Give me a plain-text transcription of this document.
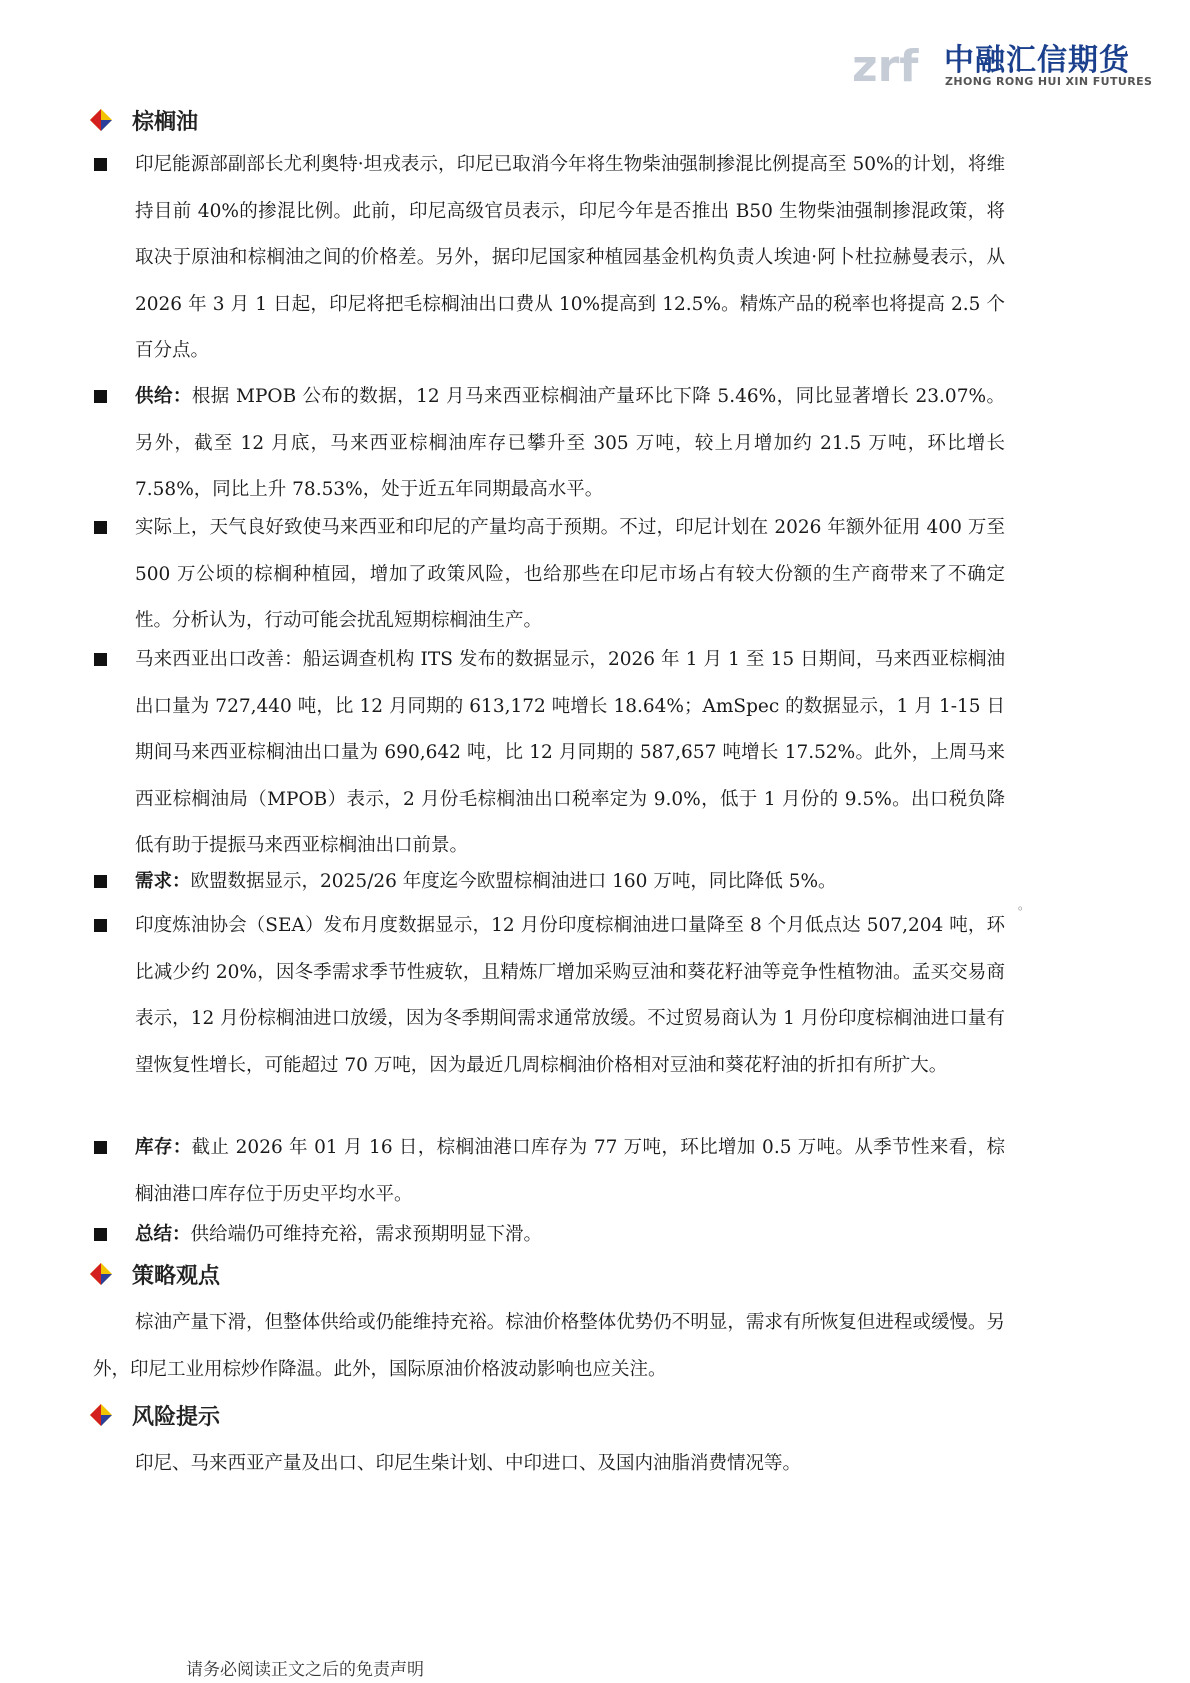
zrf 中融汇信期货
ZHONG RONG HUI XIN FUTURES
棕榈油
印尼能源部副部长尤利奥特·坦戎表示，印尼已取消今年将生物柴油强制掺混比例提高至 50%的计划，将维持目前 40%的掺混比例。此前，印尼高级官员表示，印尼今年是否推出 B50 生物柴油强制掺混政策，将取决于原油和棕榈油之间的价格差。另外，据印尼国家种植园基金机构负责人埃迪·阿卜杜拉赫曼表示，从 2026 年 3 月 1 日起，印尼将把毛棕榈油出口费从 10%提高到 12.5%。精炼产品的税率也将提高 2.5 个百分点。
供给：根据 MPOB 公布的数据，12 月马来西亚棕榈油产量环比下降 5.46%，同比显著增长 23.07%。另外，截至 12 月底，马来西亚棕榈油库存已攀升至 305 万吨，较上月增加约 21.5 万吨，环比增长 7.58%，同比上升 78.53%，处于近五年同期最高水平。
实际上，天气良好致使马来西亚和印尼的产量均高于预期。不过，印尼计划在 2026 年额外征用 400 万至 500 万公顷的棕榈种植园，增加了政策风险，也给那些在印尼市场占有较大份额的生产商带来了不确定性。分析认为，行动可能会扰乱短期棕榈油生产。
马来西亚出口改善：船运调查机构 ITS 发布的数据显示，2026 年 1 月 1 至 15 日期间，马来西亚棕榈油出口量为 727,440 吨，比 12 月同期的 613,172 吨增长 18.64%；AmSpec 的数据显示，1 月 1-15 日期间马来西亚棕榈油出口量为 690,642 吨，比 12 月同期的 587,657 吨增长 17.52%。此外，上周马来西亚棕榈油局（MPOB）表示，2 月份毛棕榈油出口税率定为 9.0%，低于 1 月份的 9.5%。出口税负降低有助于提振马来西亚棕榈油出口前景。
需求：欧盟数据显示，2025/26 年度迄今欧盟棕榈油进口 160 万吨，同比降低 5%。
印度炼油协会（SEA）发布月度数据显示，12 月份印度棕榈油进口量降至 8 个月低点达 507,204 吨，环比减少约 20%，因冬季需求季节性疲软，且精炼厂增加采购豆油和葵花籽油等竞争性植物油。孟买交易商表示，12 月份棕榈油进口放缓，因为冬季期间需求通常放缓。不过贸易商认为 1 月份印度棕榈油进口量有望恢复性增长，可能超过 70 万吨，因为最近几周棕榈油价格相对豆油和葵花籽油的折扣有所扩大。
库存：截止 2026 年 01 月 16 日，棕榈油港口库存为 77 万吨，环比增加 0.5 万吨。从季节性来看，棕榈油港口库存位于历史平均水平。
总结：供给端仍可维持充裕，需求预期明显下滑。
策略观点
棕油产量下滑，但整体供给或仍能维持充裕。棕油价格整体优势仍不明显，需求有所恢复但进程或缓慢。另外，印尼工业用棕炒作降温。此外，国际原油价格波动影响也应关注。
风险提示
印尼、马来西亚产量及出口、印尼生柴计划、中印进口、及国内油脂消费情况等。
。
请务必阅读正文之后的免责声明
